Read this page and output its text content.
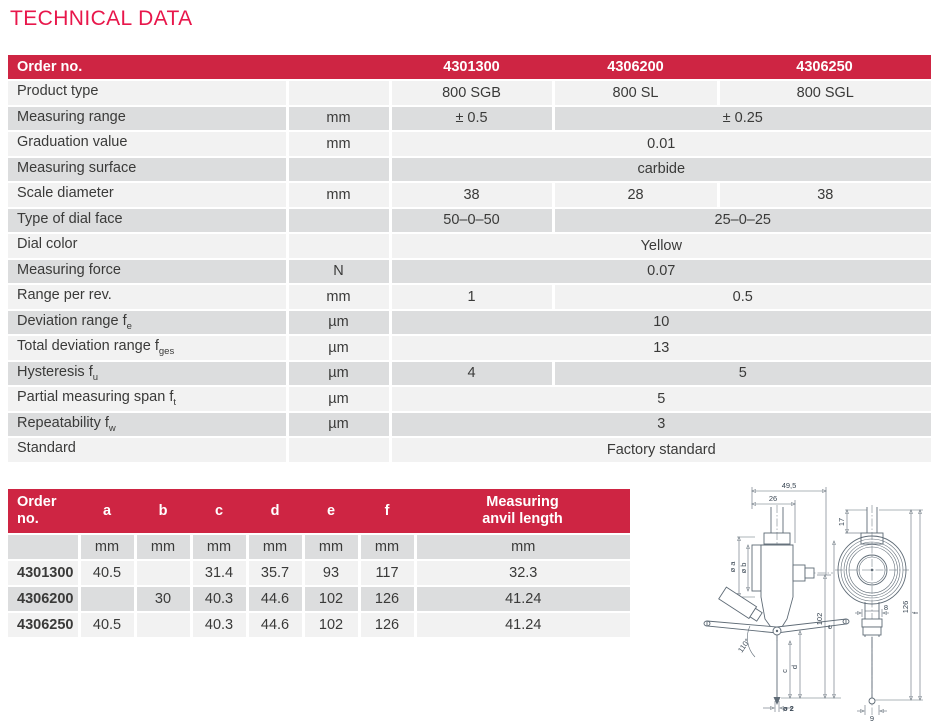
TECHNICAL DATA
Order no.		4301300	4306200	4306250
Product type		800 SGB	800 SL	800 SGL
Measuring range	mm	± 0.5	± 0.25	
Graduation value	mm	0.01		
Measuring surface		carbide		
Scale diameter	mm	38	28	38
Type of dial face		50–0–50	25–0–25	
Dial color		Yellow		
Measuring force	N	0.07		
Range per rev.	mm	1	0.5	
Deviation range $f_e$	µm	10		
Total deviation range $f_{ges}$	µm	13		
Hysteresis $f_u$	µm	4	5	
Partial measuring span $f_t$	µm	5		
Repeatability $f_w$	µm	3		
Standard		Factory standard		
Order no.	a	b	c	d	e	f	Measuring anvil length
	mm	mm	mm	mm	mm	mm	mm
4301300	40.5		31.4	35.7	93	117	32.3
4306200		30	40.3	44.6	102	126	41.24
4306250	40.5		40.3	44.6	102	126	41.24
49,5
26
ø a ø b
110°
c
d
102
e
ø 2
17
8
9
126 f
